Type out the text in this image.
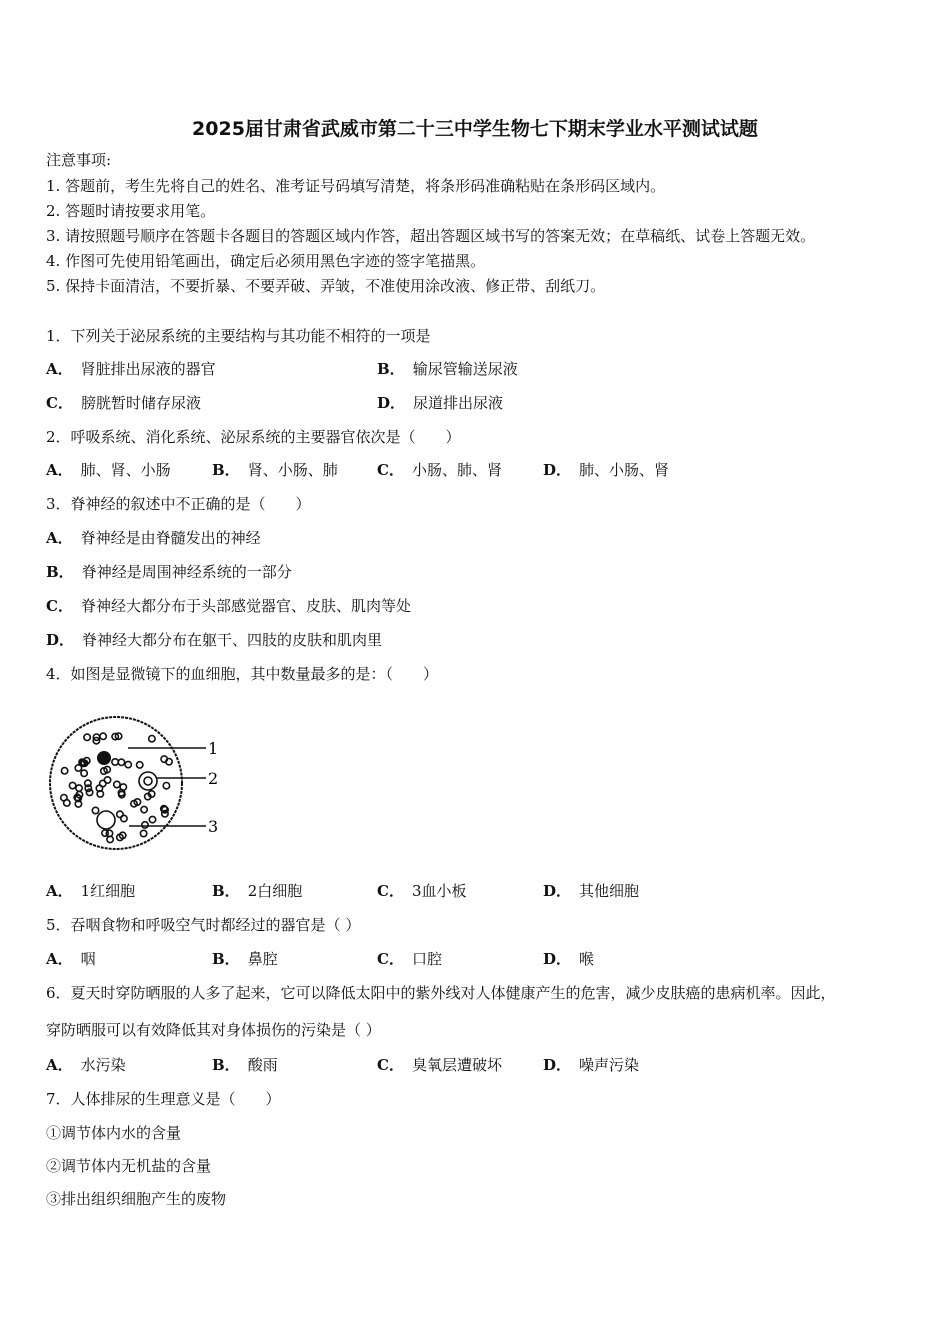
2025届甘肃省武威市第二十三中学生物七下期末学业水平测试试题
注意事项:
1. 答题前，考生先将自己的姓名、准考证号码填写清楚，将条形码准确粘贴在条形码区域内。
2. 答题时请按要求用笔。
3. 请按照题号顺序在答题卡各题目的答题区域内作答，超出答题区域书写的答案无效；在草稿纸、试卷上答题无效。
4. 作图可先使用铅笔画出，确定后必须用黑色字迹的签字笔描黑。
5. 保持卡面清洁，不要折暴、不要弄破、弄皱，不准使用涂改液、修正带、刮纸刀。
1．下列关于泌尿系统的主要结构与其功能不相符的一项是
A． 肾脏排出尿液的器官	B． 输尿管输送尿液
C． 膀胱暂时储存尿液	D． 尿道排出尿液
2．呼吸系统、消化系统、泌尿系统的主要器官依次是（　　）
A． 肺、肾、小肠	B． 肾、小肠、肺	C． 小肠、肺、肾	D． 肺、小肠、肾
3．脊神经的叙述中不正确的是（　　）
A． 脊神经是由脊髓发出的神经
B． 脊神经是周围神经系统的一部分
C． 脊神经大都分布于头部感觉器官、皮肤、肌肉等处
D． 脊神经大都分布在躯干、四肢的皮肤和肌肉里
4．如图是显微镜下的血细胞，其中数量最多的是：（　　）
1
2
3
A． 1红细胞	B． 2白细胞	C． 3血小板	D． 其他细胞
5．吞咽食物和呼吸空气时都经过的器官是（ ）
A． 咽	B． 鼻腔	C． 口腔	D． 喉
6．夏天时穿防晒服的人多了起来，它可以降低太阳中的紫外线对人体健康产生的危害，减少皮肤癌的患病机率。因此，
穿防晒服可以有效降低其对身体损伤的污染是（ ）
A． 水污染	B． 酸雨	C． 臭氧层遭破坏	D． 噪声污染
7．人体排尿的生理意义是（　　）
①调节体内水的含量
②调节体内无机盐的含量
③排出组织细胞产生的废物
